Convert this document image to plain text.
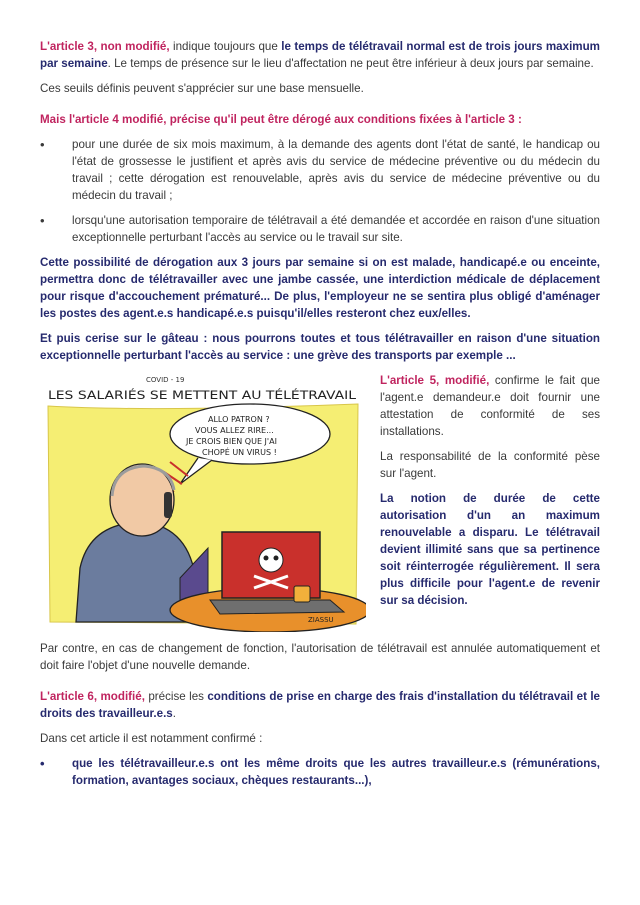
L'article 3, non modifié, indique toujours que le temps de télétravail normal est de trois jours maximum par semaine. Le temps de présence sur le lieu d'affectation ne peut être inférieur à deux jours par semaine.

Ces seuils définis peuvent s'apprécier sur une base mensuelle.

Mais l'article 4 modifié, précise qu'il peut être dérogé aux conditions fixées à l'article 3 :

• pour une durée de six mois maximum, à la demande des agents dont l'état de santé, le handicap ou l'état de grossesse le justifient et après avis du service de médecine préventive ou du médecin du travail ; cette dérogation est renouvelable, après avis du service de médecine préventive ou du médecin du travail ;
• lorsqu'une autorisation temporaire de télétravail a été demandée et accordée en raison d'une situation exceptionnelle perturbant l'accès au service ou le travail sur site.

Cette possibilité de dérogation aux 3 jours par semaine si on est malade, handicapé.e ou enceinte, permettra donc de télétravailler avec une jambe cassée, une interdiction médicale de déplacement pour risque d'accouchement prématuré... De plus, l'employeur ne se sentira plus obligé d'aménager les postes des agent.e.s handicapé.e.s puisqu'il/elles resteront chez eux/elles.

Et puis cerise sur le gâteau : nous pourrons toutes et tous télétravailler en raison d'une situation exceptionnelle perturbant l'accès au service : une grève des transports par exemple ...

COVID - 19
LES SALARIÉS SE METTENT AU TÉLÉTRAVAIL
ALLO PATRON ?
VOUS ALLEZ RIRE...
JE CROIS BIEN QUE J'AI
CHOPÉ UN VIRUS !
ZIASSU

L'article 5, modifié, confirme le fait que l'agent.e demandeur.e doit fournir une attestation de conformité de ses installations.

La responsabilité de la conformité pèse sur l'agent.

La notion de durée de cette autorisation d'un an maximum renouvelable a disparu. Le télétravail devient illimité sans que sa pertinence soit réinterrogée régulièrement. Il sera plus difficile pour l'agent.e de revenir sur sa décision.

Par contre, en cas de changement de fonction, l'autorisation de télétravail est annulée automatiquement et doit faire l'objet d'une nouvelle demande.

L'article 6, modifié, précise les conditions de prise en charge des frais d'installation du télétravail et le droits des travailleur.e.s.

Dans cet article il est notamment confirmé :

• que les télétravailleur.e.s ont les même droits que les autres travailleur.e.s (rémunérations, formation, avantages sociaux, chèques restaurants...),
